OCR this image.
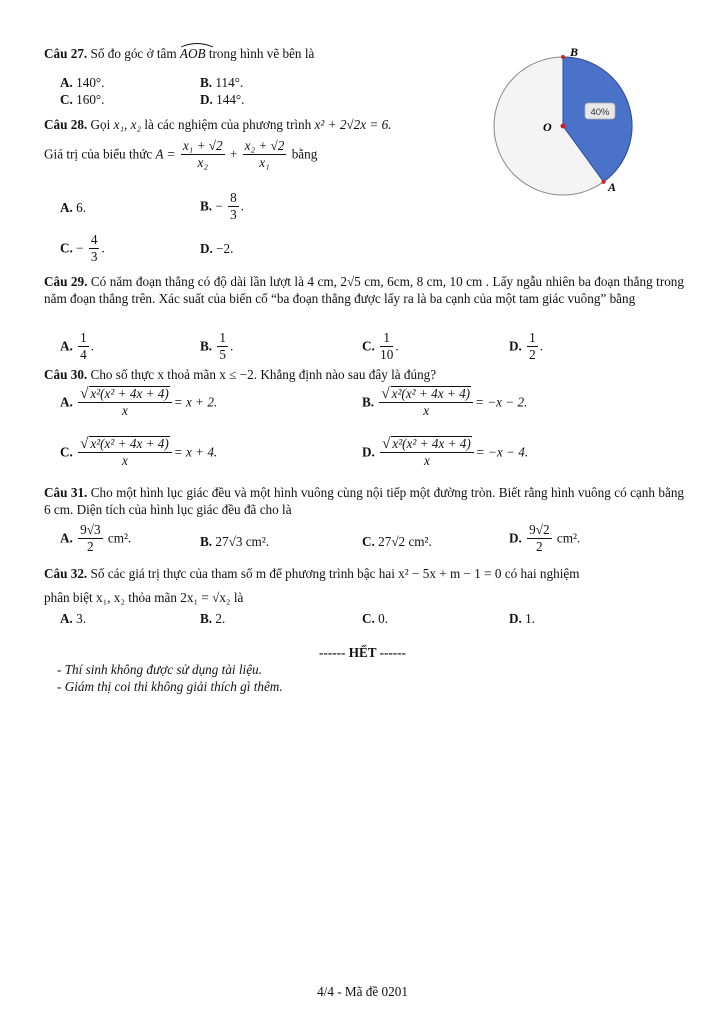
Câu 27. Số đo góc ở tâm AOB trong hình vẽ bên là
A. 140°.	B. 114°.
C. 160°.	D. 144°.
40%
B
O
A
Câu 28. Gọi x₁, x₂ là các nghiệm của phương trình x² + 2√2x = 6.
Giá trị của biểu thức $A = \frac{\text{x₁ + √2}}{\text{x₂}} + \frac{\text{x₂ + √2}}{\text{x₁}}$ bằng
A. 6.	B. − $\frac{8}{3}$ .
C. − $\frac{4}{3}$ .	D. −2.
Câu 29. Có năm đoạn thẳng có độ dài lần lượt là 4 cm, 2√5 cm, 6cm, 8 cm, 10 cm . Lấy ngẫu nhiên ba đoạn thẳng trong năm đoạn thẳng trên. Xác suất của biến cố “ba đoạn thẳng được lấy ra là ba cạnh của một tam giác vuông” bằng
A. $\frac{1}{4}$ .	B. $\frac{1}{5}$ .	C. $\frac{1}{10}$ .	D. $\frac{1}{2}$ .
Câu 30. Cho số thực x thoả mãn x ≤ −2. Khẳng định nào sau đây là đúng?
A. $\frac{\text{√ x²(x² + 4x + 4)}}{x} = x + 2$.	B. $\frac{\text{√ x²(x² + 4x + 4)}}{x} = -x - 2$.
C. $\frac{\text{√ x²(x² + 4x + 4)}}{x} = x + 4$.	D. $\frac{\text{√ x²(x² + 4x + 4)}}{x} = -x - 4$.
Câu 31. Cho một hình lục giác đều và một hình vuông cùng nội tiếp một đường tròn. Biết rằng hình vuông có cạnh bằng 6 cm. Diện tích của hình lục giác đều đã cho là
A. $\frac{9√3}{2} cm^2$.	B. 27√3 cm².	C. 27√2 cm².	D. $\frac{9√2}{2} cm^2$.
Câu 32. Số các giá trị thực của tham số m để phương trình bậc hai x² − 5x + m − 1 = 0 có hai nghiệm
phân biệt x₁, x₂ thỏa mãn 2x₁ = √x₂ là
A. 3.	B. 2.	C. 0.	D. 1.
------ HẾT ------
- Thí sinh không được sử dụng tài liệu.
- Giám thị coi thi không giải thích gì thêm.
4/4 - Mã đề 0201
